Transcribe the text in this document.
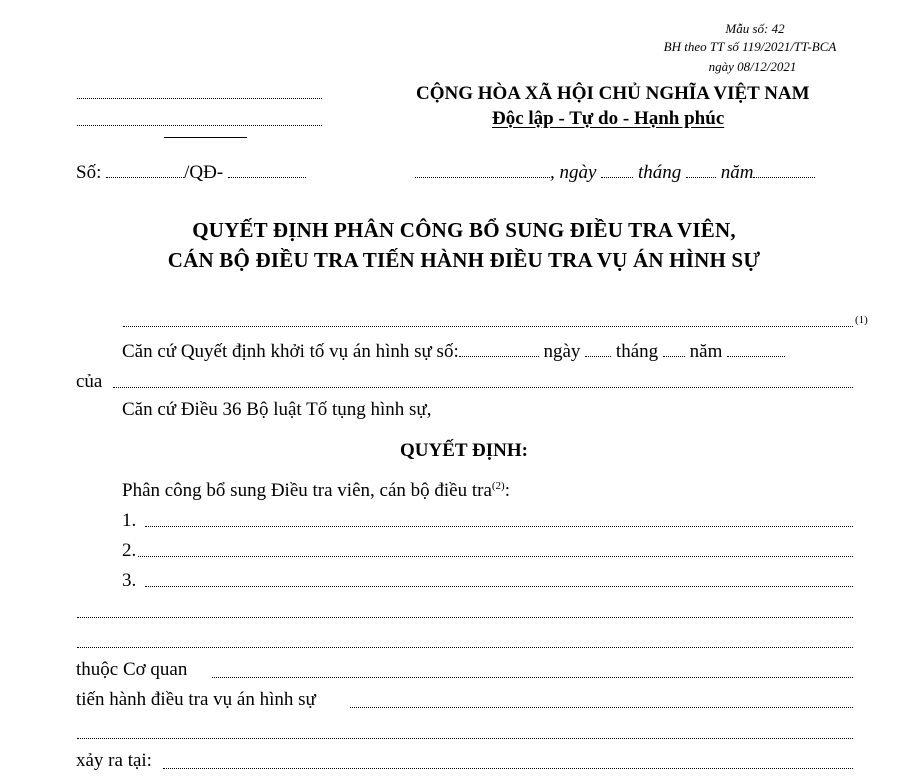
Mẫu số: 42
BH theo TT số 119/2021/TT-BCA
ngày 08/12/2021
CỘNG HÒA XÃ HỘI CHỦ NGHĨA VIỆT NAM
Độc lập - Tự do - Hạnh phúc
Số:	/QĐ-	, ngày tháng năm
QUYẾT ĐỊNH PHÂN CÔNG BỔ SUNG ĐIỀU TRA VIÊN,
CÁN BỘ ĐIỀU TRA TIẾN HÀNH ĐIỀU TRA VỤ ÁN HÌNH SỰ
(1)
Căn cứ Quyết định khởi tố vụ án hình sự số:	ngày tháng năm
của
Căn cứ Điều 36 Bộ luật Tố tụng hình sự,
QUYẾT ĐỊNH:
Phân công bổ sung Điều tra viên, cán bộ điều tra$^{(2)}$:
1.
2.
3.
thuộc Cơ quan
tiến hành điều tra vụ án hình sự
xảy ra tại:
